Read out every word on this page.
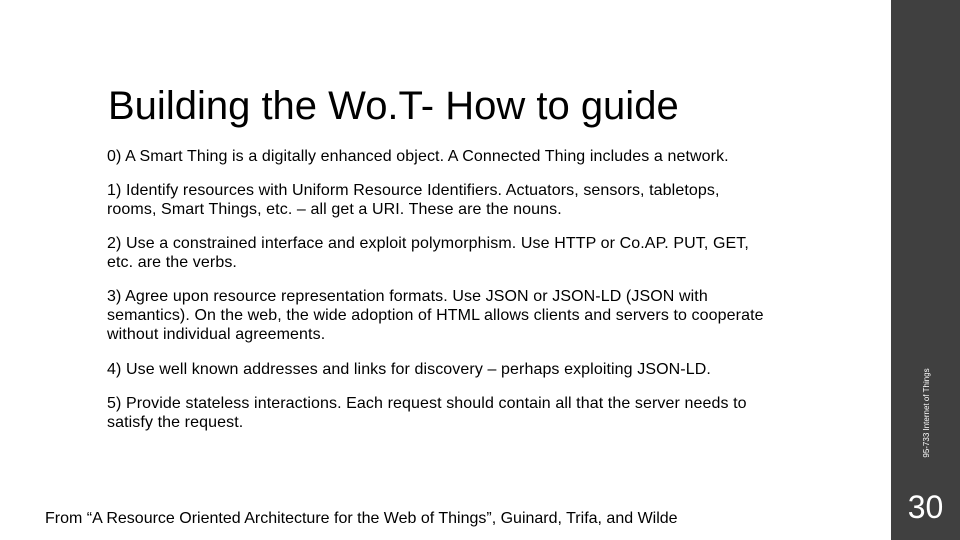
Building the Wo.T- How to guide
0) A Smart Thing is a digitally enhanced object. A Connected Thing includes a network.
1) Identify resources with Uniform Resource Identifiers. Actuators, sensors, tabletops, rooms, Smart Things, etc. – all get a URI. These are the nouns.
2) Use a constrained interface and exploit polymorphism. Use HTTP or Co.AP. PUT, GET, etc. are the verbs.
3) Agree upon resource representation formats. Use JSON or JSON-LD (JSON with semantics). On the web, the wide adoption of HTML allows clients and servers to cooperate without individual agreements.
4) Use well known addresses and links for discovery – perhaps exploiting JSON-LD.
5) Provide stateless interactions. Each request should contain all that the server needs to satisfy the request.
From “A Resource Oriented Architecture for the Web of Things”, Guinard, Trifa, and Wilde
95-733 Internet of Things
30
